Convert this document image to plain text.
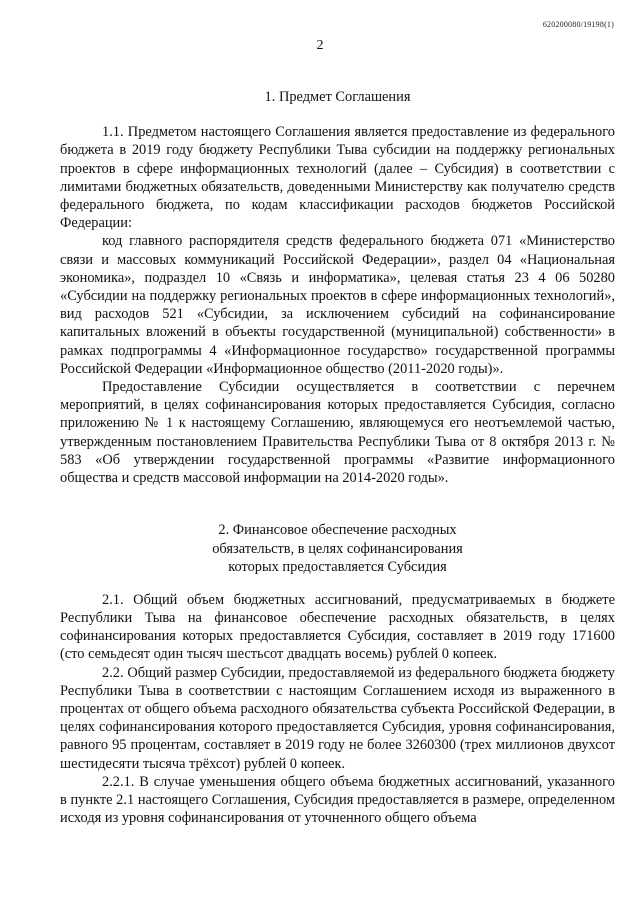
620200080/19198(1)
2
1. Предмет Соглашения

1.1. Предметом настоящего Соглашения является предоставление из федерального бюджета в 2019 году бюджету Республики Тыва субсидии на поддержку региональных проектов в сфере информационных технологий (далее – Субсидия) в соответствии с лимитами бюджетных обязательств, доведенными Министерству как получателю средств федерального бюджета, по кодам классификации расходов бюджетов Российской Федерации:

код главного распорядителя средств федерального бюджета 071 «Министерство связи и массовых коммуникаций Российской Федерации», раздел 04 «Национальная экономика», подраздел 10 «Связь и информатика», целевая статья 23 4 06 50280 «Субсидии на поддержку региональных проектов в сфере информационных технологий», вид расходов 521 «Субсидии, за исключением субсидий на софинансирование капитальных вложений в объекты государственной (муниципальной) собственности» в рамках подпрограммы 4 «Информационное государство» государственной программы Российской Федерации «Информационное общество (2011-2020 годы)».

Предоставление Субсидии осуществляется в соответствии с перечнем мероприятий, в целях софинансирования которых предоставляется Субсидия, согласно приложению № 1 к настоящему Соглашению, являющемуся его неотъемлемой частью, утвержденным постановлением Правительства Республики Тыва от 8 октября 2013 г. № 583 «Об утверждении государственной программы «Развитие информационного общества и средств массовой информации на 2014-2020 годы».

2. Финансовое обеспечение расходных
обязательств, в целях софинансирования
которых предоставляется Субсидия

2.1. Общий объем бюджетных ассигнований, предусматриваемых в бюджете Республики Тыва на финансовое обеспечение расходных обязательств, в целях софинансирования которых предоставляется Субсидия, составляет в 2019 году 171600 (сто семьдесят один тысяч шестьсот двадцать восемь) рублей 0 копеек.

2.2. Общий размер Субсидии, предоставляемой из федерального бюджета бюджету Республики Тыва в соответствии с настоящим Соглашением исходя из выраженного в процентах от общего объема расходного обязательства субъекта Российской Федерации, в целях софинансирования которого предоставляется Субсидия, уровня софинансирования, равного 95 процентам, составляет в 2019 году не более 3260300 (трех миллионов двухсот шестидесяти тысяча трёхсот) рублей 0 копеек.

2.2.1. В случае уменьшения общего объема бюджетных ассигнований, указанного в пункте 2.1 настоящего Соглашения, Субсидия предоставляется в размере, определенном исходя из уровня софинансирования от уточненного общего объема
